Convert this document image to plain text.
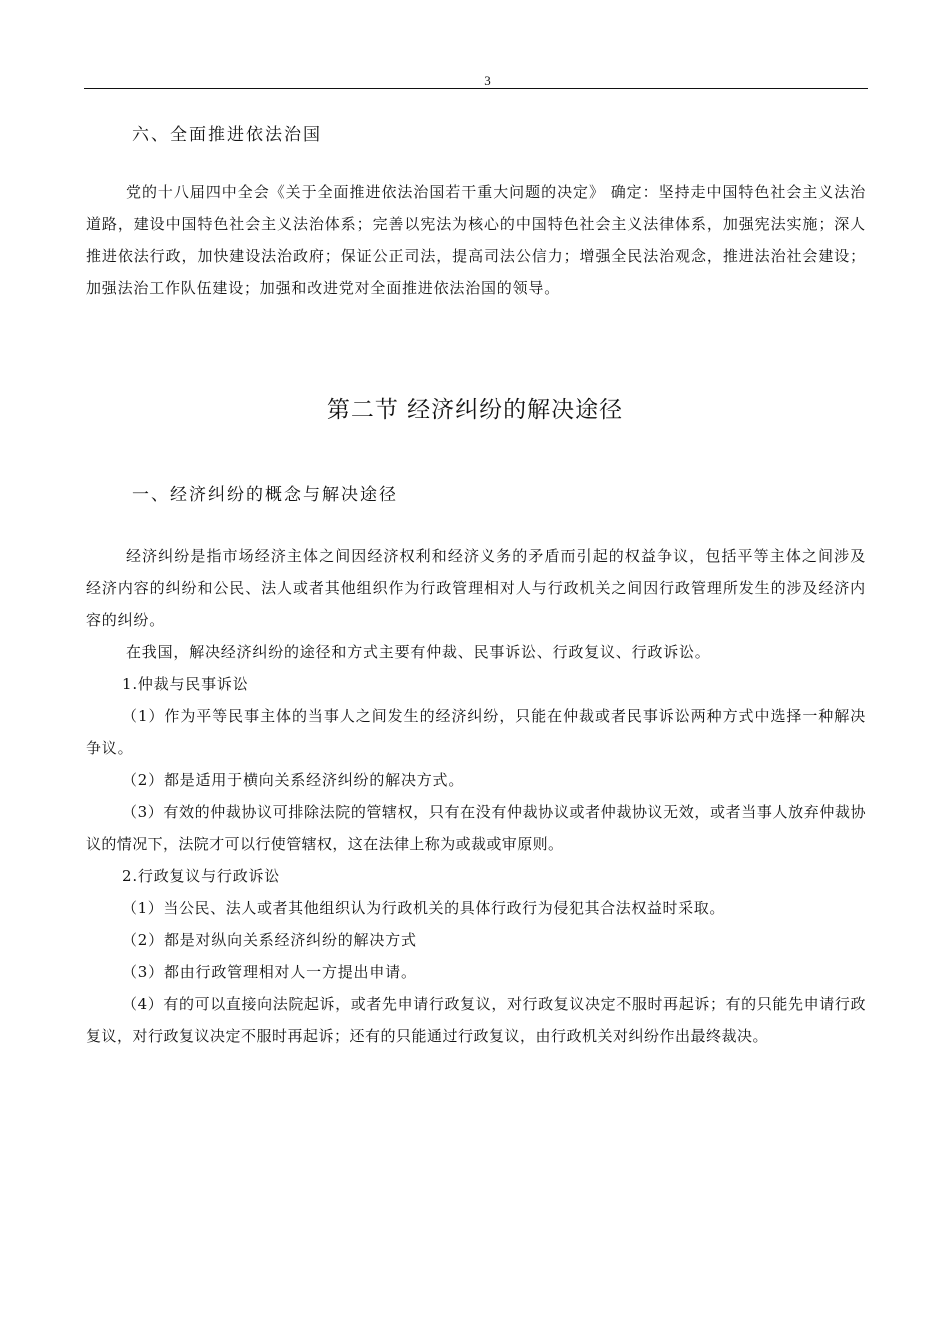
3
六、全面推进依法治国
党的十八届四中全会《关于全面推进依法治国若干重大问题的决定》 确定：坚持走中国特色社会主义法治道路，建设中国特色社会主义法治体系；完善以宪法为核心的中国特色社会主义法律体系，加强宪法实施；深人推进依法行政，加快建设法治政府；保证公正司法，提高司法公信力；增强全民法治观念，推进法治社会建设；加强法治工作队伍建设；加强和改进党对全面推进依法治国的领导。
第二节 经济纠纷的解决途径
一、经济纠纷的概念与解决途径
经济纠纷是指市场经济主体之间因经济权利和经济义务的矛盾而引起的权益争议，包括平等主体之间涉及经济内容的纠纷和公民、法人或者其他组织作为行政管理相对人与行政机关之间因行政管理所发生的涉及经济内容的纠纷。
在我国，解决经济纠纷的途径和方式主要有仲裁、民事诉讼、行政复议、行政诉讼。
1.仲裁与民事诉讼
（1）作为平等民事主体的当事人之间发生的经济纠纷，只能在仲裁或者民事诉讼两种方式中选择一种解决争议。
（2）都是适用于横向关系经济纠纷的解决方式。
（3）有效的仲裁协议可排除法院的管辖权，只有在没有仲裁协议或者仲裁协议无效，或者当事人放弃仲裁协议的情况下，法院才可以行使管辖权，这在法律上称为或裁或审原则。
2.行政复议与行政诉讼
（1）当公民、法人或者其他组织认为行政机关的具体行政行为侵犯其合法权益时采取。
（2）都是对纵向关系经济纠纷的解决方式
（3）都由行政管理相对人一方提出申请。
（4）有的可以直接向法院起诉，或者先申请行政复议，对行政复议决定不服时再起诉；有的只能先申请行政复议，对行政复议决定不服时再起诉；还有的只能通过行政复议，由行政机关对纠纷作出最终裁决。
